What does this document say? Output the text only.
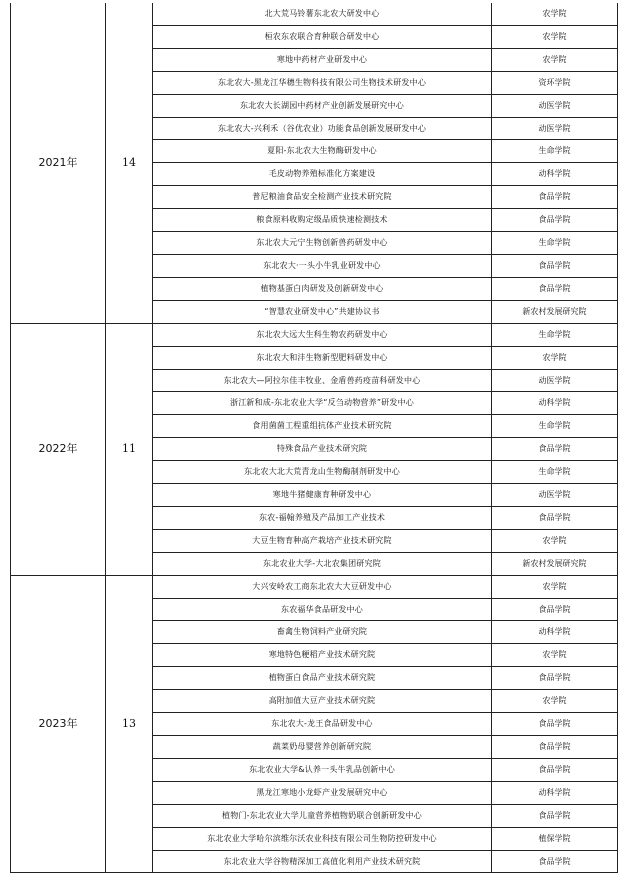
2021年	14	北大荒马铃薯东北农大研发中心	农学院
		桓农东农联合育种联合研发中心	农学院
		寒地中药材产业研发中心	农学院
		东北农大-黑龙江华穗生物科技有限公司生物技术研发中心	资环学院
		东北农大长湖园中药材产业创新发展研究中心	动医学院
		东北农大-兴利禾（谷优农业）功能食品创新发展研发中心	动医学院
		夏阳-东北农大生物酶研发中心	生命学院
		毛皮动物养殖标准化方案建设	动科学院
		普尼粮油食品安全检测产业技术研究院	食品学院
		粮食原料收购定级品质快速检测技术	食品学院
		东北农大元宁生物创新兽药研发中心	生命学院
		东北农大·一头小牛乳业研发中心	食品学院
		植物基蛋白肉研发及创新研发中心	食品学院
		“智慧农业研发中心”共建协议书	新农村发展研究院
2022年	11	东北农大远大生科生物农药研发中心	生命学院
		东北农大和沣生物新型肥料研发中心	农学院
		东北农大—阿拉尔佳丰牧业、金盾兽药疫苗科研发中心	动医学院
		浙江新和成-东北农业大学“反刍动物营养”研发中心	动科学院
		食用菌菌工程重组抗体产业技术研究院	生命学院
		特殊食品产业技术研究院	食品学院
		东北农大北大荒青龙山生物酶制剂研发中心	生命学院
		寒地牛猪健康育种研发中心	动医学院
		东农-福翰养殖及产品加工产业技术	食品学院
		大豆生物育种高产栽培产业技术研究院	农学院
		东北农业大学-大北农集团研究院	新农村发展研究院
2023年	13	大兴安岭农工商东北农大大豆研发中心	农学院
		东农福华食品研发中心	食品学院
		畜禽生物饲料产业研究院	动科学院
		寒地特色粳稻产业技术研究院	农学院
		植物蛋白食品产业技术研究院	食品学院
		高附加值大豆产业技术研究院	农学院
		东北农大-龙王食品研发中心	食品学院
		蔬菜奶母婴营养创新研究院	食品学院
		东北农业大学&认养一头牛乳品创新中心	食品学院
		黑龙江寒地小龙虾产业发展研究中心	动科学院
		植物门-东北农业大学儿童营养植物奶联合创新研发中心	食品学院
		东北农业大学哈尔滨维尔沃农业科技有限公司生物防控研发中心	植保学院
		东北农业大学谷物精深加工高值化利用产业技术研究院	食品学院
